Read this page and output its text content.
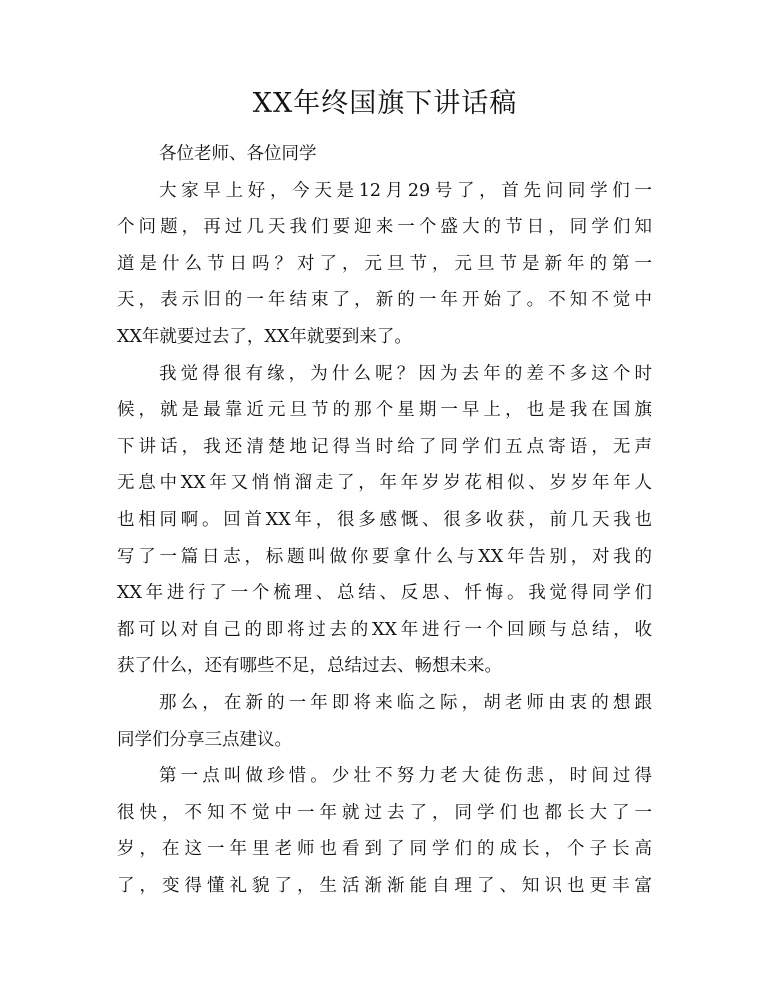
XX年终国旗下讲话稿
各位老师、各位同学
大家早上好，今天是12月29号了，首先问同学们一
个问题，再过几天我们要迎来一个盛大的节日，同学们知
道是什么节日吗？对了，元旦节，元旦节是新年的第一
天，表示旧的一年结束了，新的一年开始了。不知不觉中
XX年就要过去了，XX年就要到来了。
我觉得很有缘，为什么呢？因为去年的差不多这个时
候，就是最靠近元旦节的那个星期一早上，也是我在国旗
下讲话，我还清楚地记得当时给了同学们五点寄语，无声
无息中XX年又悄悄溜走了，年年岁岁花相似、岁岁年年人
也相同啊。回首XX年，很多感慨、很多收获，前几天我也
写了一篇日志，标题叫做你要拿什么与XX年告别，对我的
XX年进行了一个梳理、总结、反思、忏悔。我觉得同学们
都可以对自己的即将过去的XX年进行一个回顾与总结，收
获了什么，还有哪些不足，总结过去、畅想未来。
那么，在新的一年即将来临之际，胡老师由衷的想跟
同学们分享三点建议。
第一点叫做珍惜。少壮不努力老大徒伤悲，时间过得
很快，不知不觉中一年就过去了，同学们也都长大了一
岁，在这一年里老师也看到了同学们的成长，个子长高
了，变得懂礼貌了，生活渐渐能自理了、知识也更丰富
